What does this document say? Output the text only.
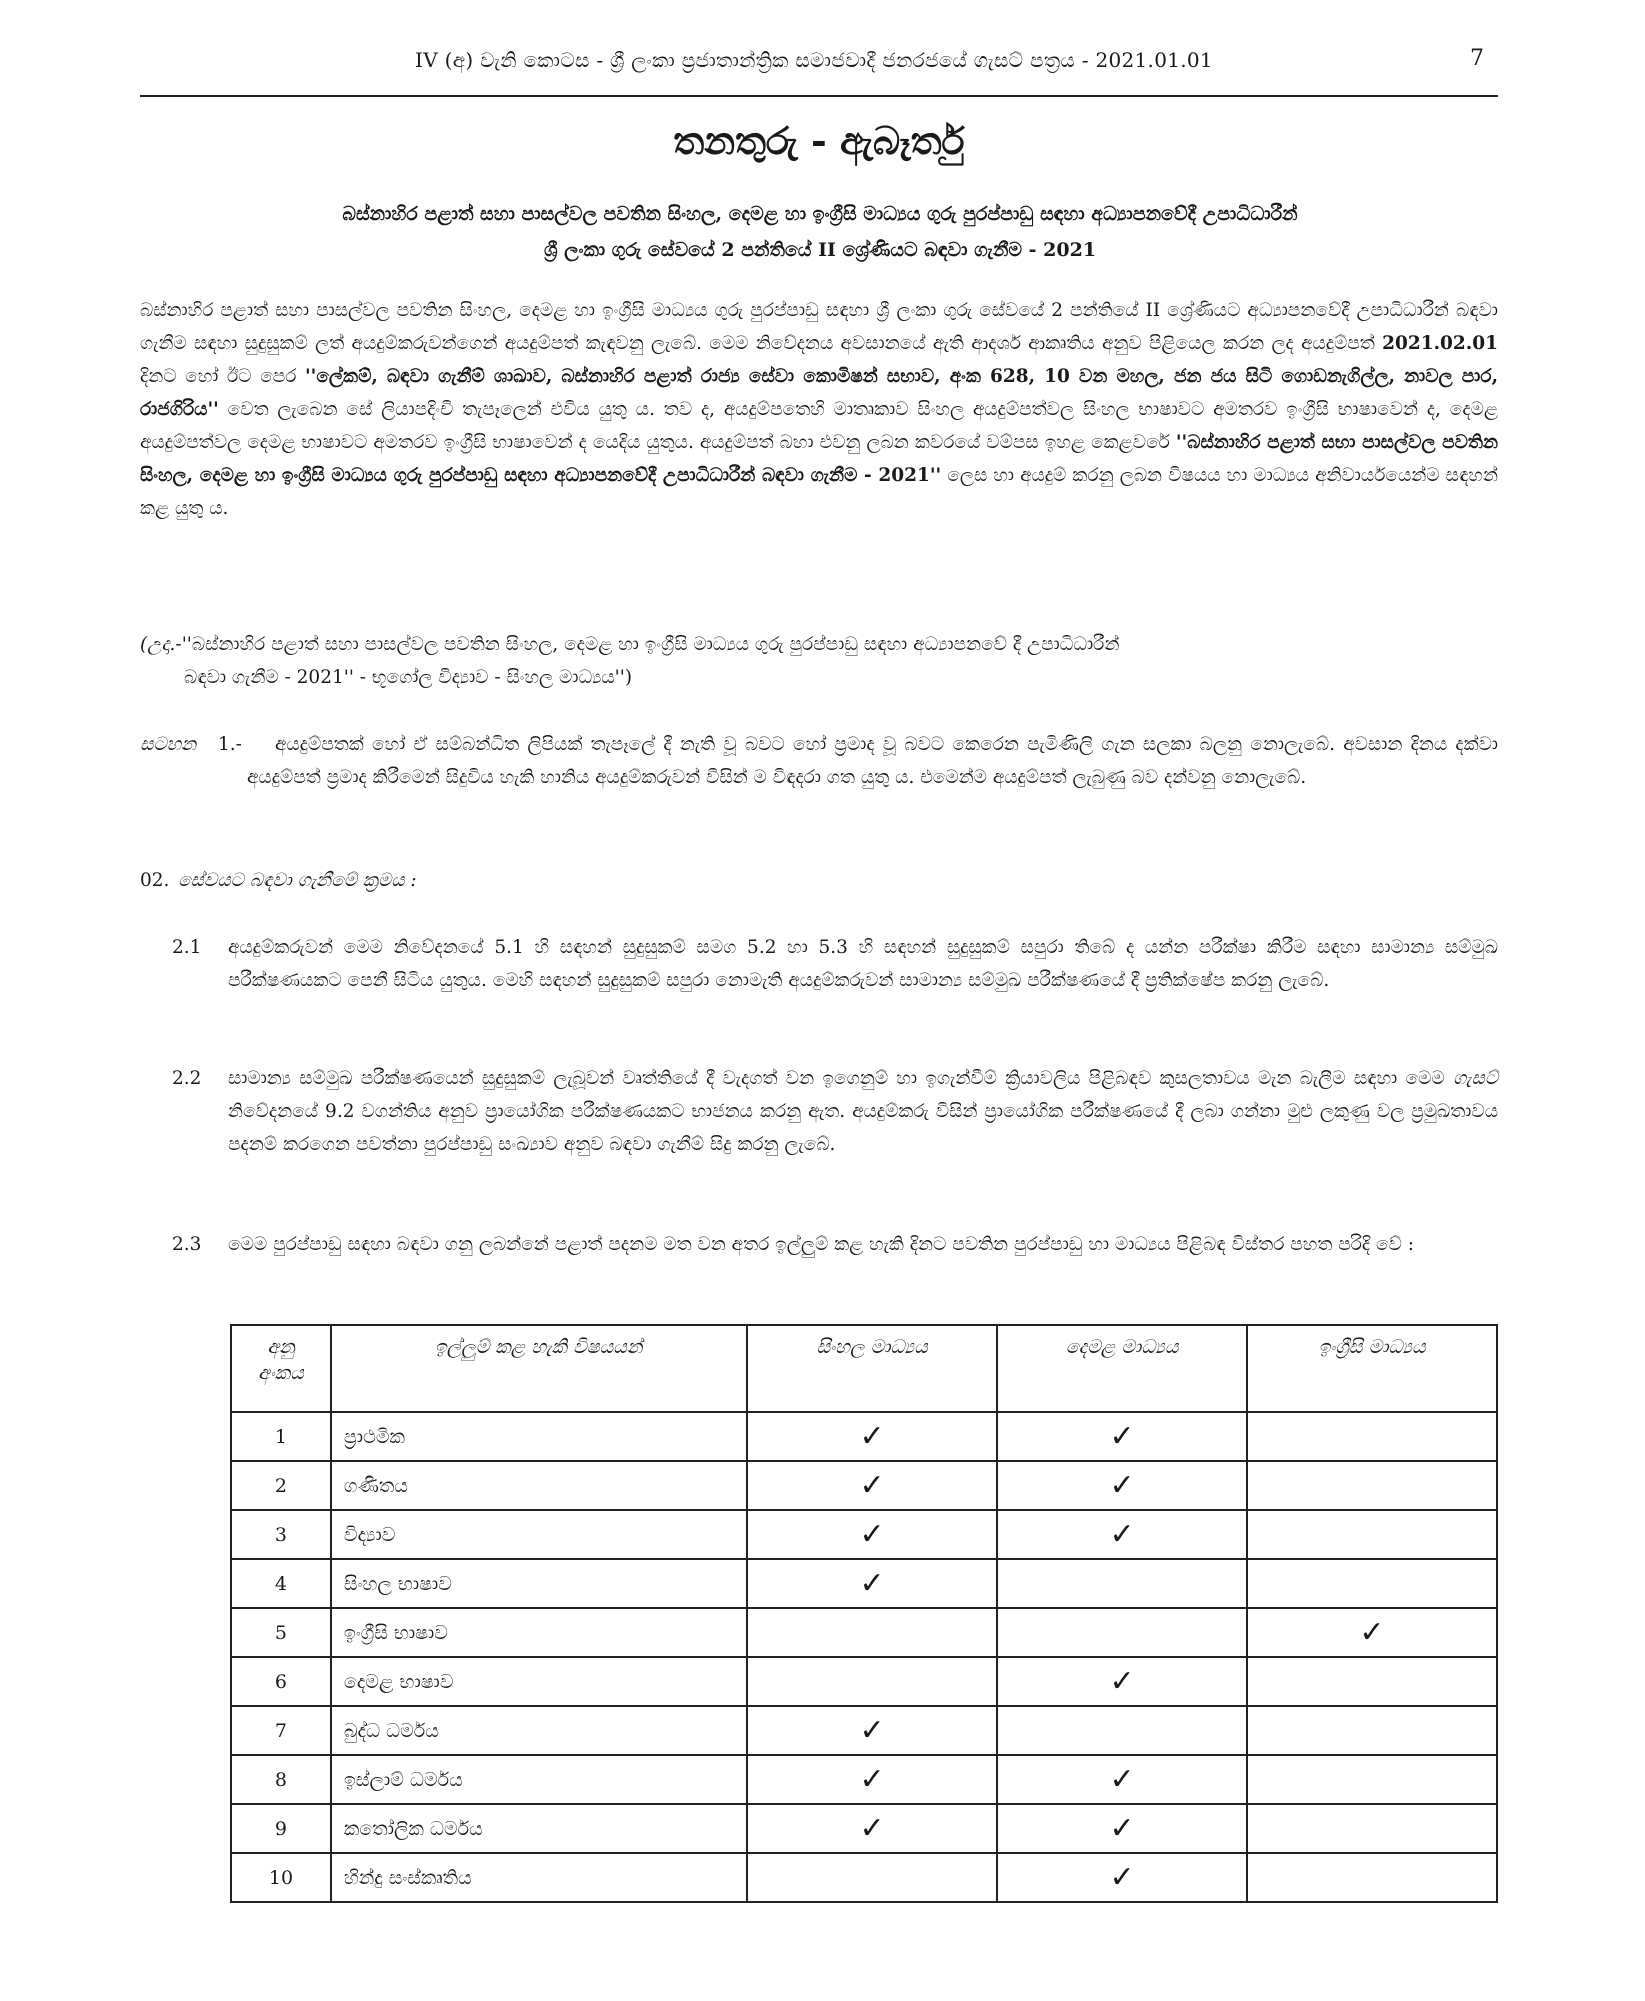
IV (අ) වැනි කොටස - ශ්‍රී ලංකා ප්‍රජාතාන්ත්‍රික සමාජවාදී ජනරජයේ ගැසට් පත්‍රය - 2021.01.01	7
තනතුරු - ඇබෑර්තු
බස්නාහිර පළාත් සහා පාසල්වල පවතින සිංහල, දෙමළ හා ඉංග්‍රීසි මාධ්‍යය ගුරු පුරප්පාඩු සඳහා අධ්‍යාපනවේදී උපාධිධාරීන්
ශ්‍රී ලංකා ගුරු සේවයේ 2 පන්තියේ II ශ්‍රේණියට බඳවා ගැනීම - 2021
බස්නාහිර පළාත් සහා පාසල්වල පවතින සිංහල, දෙමළ හා ඉංග්‍රීසි මාධ්‍යය ගුරු පුරප්පාඩු සඳහා ශ්‍රී ලංකා ගුරු සේවයේ 2 පන්තියේ II ශ්‍රේණියට අධ්‍යාපනවේදී උපාධිධාරීන් බඳවා ගැනීම සඳහා සුදුසුකම් ලත් අයදුම්කරුවන්ගෙන් අයදුම්පත් කැඳවනු ලැබේ. මෙම නිවේදනය අවසානයේ ඇති ආදර්ශ ආකෘතිය අනුව පිළියෙල කරන ලද අයදුම්පත් 2021.02.01 දිනට හෝ ඊට පෙර ''ලේකම්, බඳවා ගැනීම් ශාඛාව, බස්නාහිර පළාත් රාජ්‍ය සේවා කොමිෂන් සභාව, අංක 628, 10 වන මහල, ජන ජය සිටි ගොඩනැගිල්ල, නාවල පාර, රාජගිරිය'' වෙත ලැබෙන සේ ලියාපදිංචි තැපෑලෙන් එවිය යුතු ය. තව ද, අයදුම්පතෙහි මාතෘකාව සිංහල අයදුම්පත්වල සිංහල භාෂාවට අමතරව ඉංග්‍රීසි භාෂාවෙන් ද, දෙමළ අයදුම්පත්වල දෙමළ භාෂාවට අමතරව ඉංග්‍රීසි භාෂාවෙන් ද යෙදිය යුතුය. අයදුම්පත් බහා එවනු ලබන කවරයේ වම්පස ඉහළ කෙළවරේ ''බස්නාහිර පළාත් සභා පාසල්වල පවතින සිංහල, දෙමළ හා ඉංග්‍රීසි මාධ්‍යය ගුරු පුරප්පාඩු සඳහා අධ්‍යාපනවේදී උපාධිධාරීන් බඳවා ගැනීම - 2021'' ලෙස හා අයදුම් කරනු ලබන විෂයය හා මාධ්‍යය අනිවාර්යයෙන්ම සඳහන් කළ යුතු ය.
(උදා.-''බස්නාහිර පළාත් සහා පාසල්වල පවතින සිංහල, දෙමළ හා ඉංග්‍රීසි මාධ්‍යය ගුරු පුරප්පාඩු සඳහා අධ්‍යාපනවේ දී උපාධිධාරීන්
බඳවා ගැනීම - 2021'' - භූගෝල විද්‍යාව - සිංහල මාධ්‍යය'')
සටහන 1.-	අයදුම්පතක් හෝ ඒ සම්බන්ධිත ලිපියක් තැපෑලේ දී නැති වූ බවට හෝ ප්‍රමාද වූ බවට කෙරෙන පැමිණිලි ගැන සලකා බලනු නොලැබේ. අවසාන දිනය දක්වා අයදුම්පත් ප්‍රමාද කිරීමෙන් සිදුවිය හැකි හානිය අයදුම්කරුවන් විසින් ම විඳදරා ගත යුතු ය. එමෙන්ම අයදුම්පත් ලැබුණු බව දන්වනු නොලැබේ.
02. සේවයට බඳවා ගැනීමේ ක්‍රමය :
2.1 අයදුම්කරුවන් මෙම නිවේදනයේ 5.1 හි සඳහන් සුදුසුකම් සමග 5.2 හා 5.3 හි සඳහන් සුදුසුකම් සපුරා තිබේ ද යන්න පරීක්ෂා කිරීම සඳහා සාමාන්‍ය සම්මුඛ පරීක්ෂණයකට පෙනී සිටිය යුතුය. මෙහි සඳහන් සුදුසුකම් සපුරා නොමැති අයදුම්කරුවන් සාමාන්‍ය සම්මුඛ පරීක්ෂණයේ දී ප්‍රතික්ෂේප කරනු ලැබේ.
2.2 සාමාන්‍ය සම්මුඛ පරීක්ෂණයෙන් සුදුසුකම් ලැබූවන් වෘත්තියේ දී වැදගත් වන ඉගෙනුම් හා ඉගැන්වීම් ක්‍රියාවලිය පිළිබඳව කුසලතාවය මැන බැලීම සඳහා මෙම ගැසට් නිවේදනයේ 9.2 වගන්තිය අනුව ප්‍රායෝගික පරීක්ෂණයකට භාජනය කරනු ඇත. අයදුම්කරු විසින් ප්‍රායෝගික පරීක්ෂණයේ දී ලබා ගන්නා මුළු ලකුණු වල ප්‍රමුඛතාවය පදනම් කරගෙන පවත්නා පුරප්පාඩු සංඛ්‍යාව අනුව බඳවා ගැනීම් සිදු කරනු ලැබේ.
2.3 මෙම පුරප්පාඩු සඳහා බඳවා ගනු ලබන්නේ පළාත් පදනම මත වන අතර ඉල්ලුම් කළ හැකි දිනට පවතින පුරප්පාඩු හා මාධ්‍යය පිළිබඳ විස්තර පහත පරිදි වේ :
අනු
අංකය	ඉල්ලුම් කළ හැකි විෂයයන්	සිංහල මාධ්‍යය	දෙමළ මාධ්‍යය	ඉංග්‍රීසි මාධ්‍යය
1	ප්‍රාථමික	✓	✓	
2	ගණිතය	✓	✓	
3	විද්‍යාව	✓	✓	
4	සිංහල භාෂාව	✓		
5	ඉංග්‍රීසි භාෂාව			✓
6	දෙමළ භාෂාව		✓	
7	බුද්ධ ධර්මය	✓		
8	ඉස්ලාම් ධර්මය	✓	✓	
9	කතෝලික ධර්මය	✓	✓	
10	හින්දු සංස්කෘතිය		✓	
